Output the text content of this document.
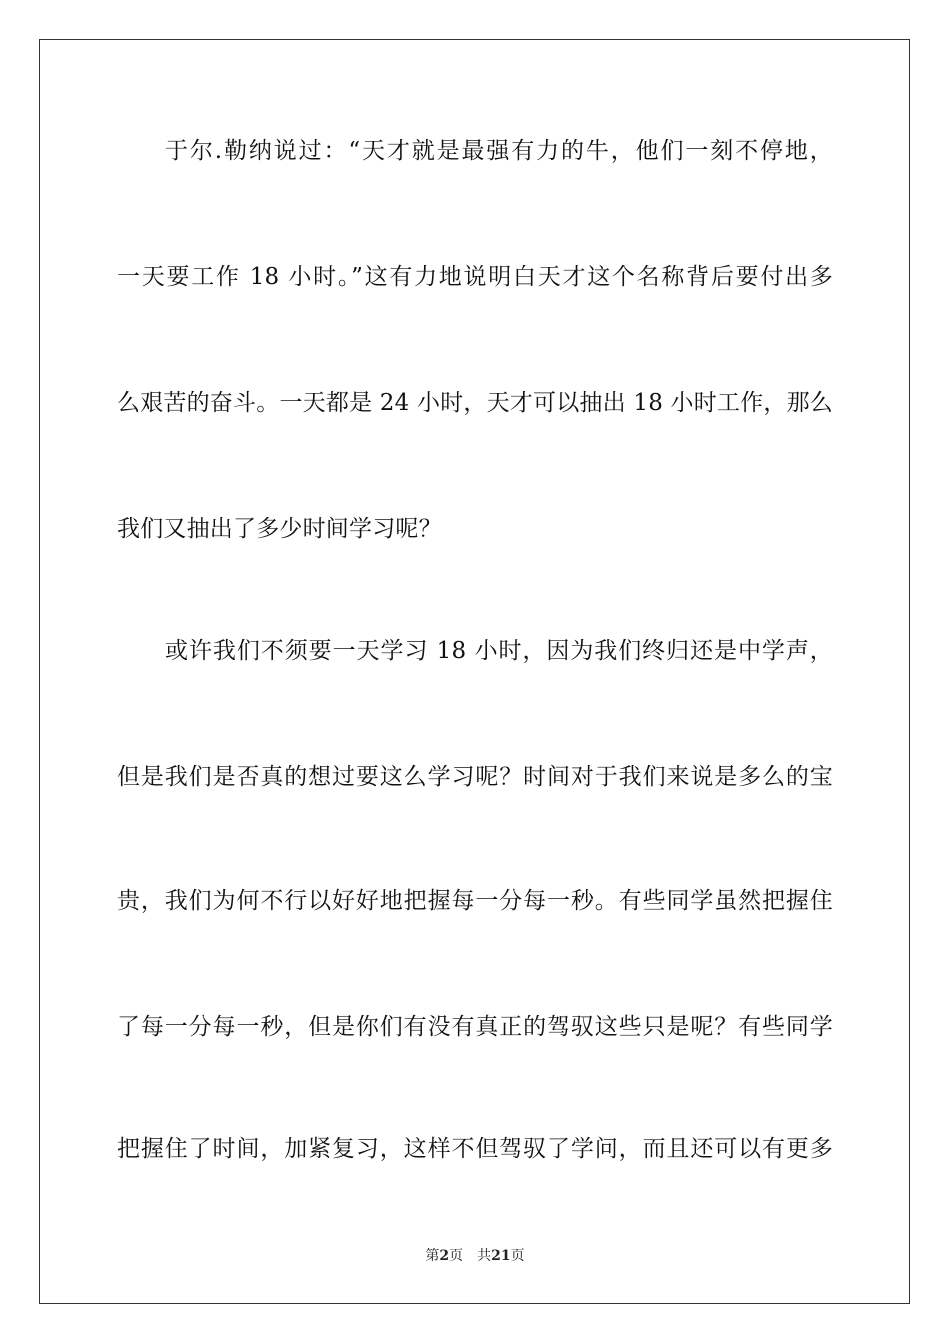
于尔.勒纳说过：“天才就是最强有力的牛，他们一刻不停地，
一天要工作 18 小时。”这有力地说明白天才这个名称背后要付出多
么艰苦的奋斗。一天都是 24 小时，天才可以抽出 18 小时工作，那么
我们又抽出了多少时间学习呢？
或许我们不须要一天学习 18 小时，因为我们终归还是中学声，
但是我们是否真的想过要这么学习呢？时间对于我们来说是多么的宝
贵，我们为何不行以好好地把握每一分每一秒。有些同学虽然把握住
了每一分每一秒，但是你们有没有真正的驾驭这些只是呢？有些同学
把握住了时间，加紧复习，这样不但驾驭了学问，而且还可以有更多
第2页 共21页
